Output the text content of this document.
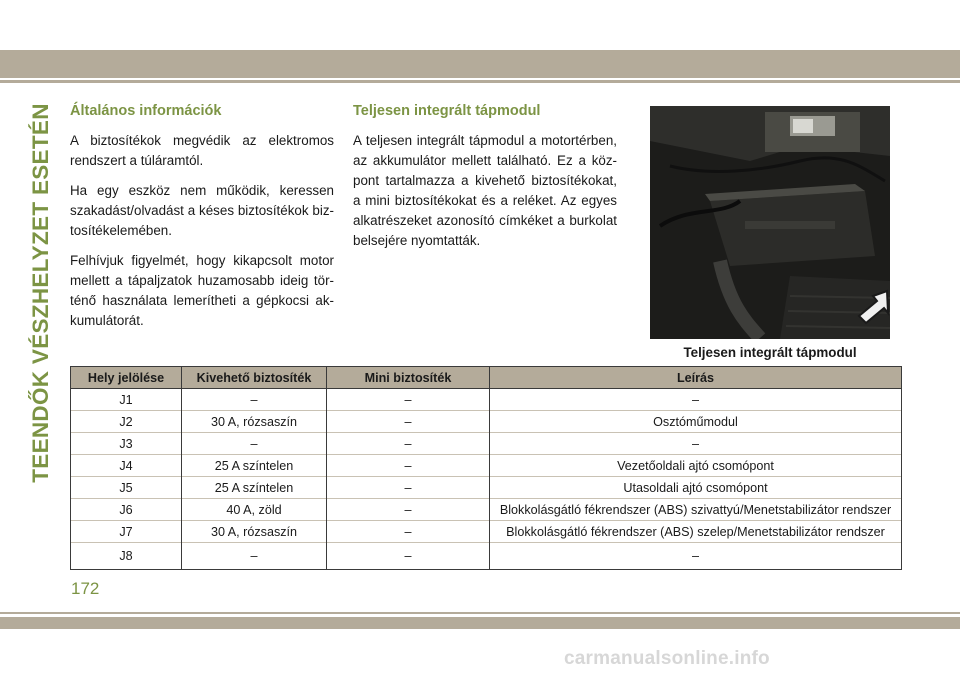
TEENDŐK VÉSZHELYZET ESETÉN Általános információk

A biztosítékok megvédik az elektromos rendszert a túláramtól.

Ha egy eszköz nem működik, keressen szakadást/olvadást a késes biztosítékok biz-tosítékelemében.

Felhívjuk figyelmét, hogy kikapcsolt motor mellett a tápaljzatok huzamosabb ideig tör-ténő használata lemerítheti a gépkocsi ak-kumulátorát.

Teljesen integrált tápmodul

A teljesen integrált tápmodul a motortérben, az akkumulátor mellett található. Ez a köz-pont tartalmazza a kivehető biztosítékokat, a mini biztosítékokat és a reléket. Az egyes alkatrészeket azonosító címkéket a burkolat belsejére nyomtatták.

Teljesen integrált tápmodul
Hely jelölése	Kivehető biztosíték	Mini biztosíték	Leírás
J1	–	–	–
J2	30 A, rózsaszín	–	Osztóműmodul
J3	–	–	–
J4	25 A színtelen	–	Vezetőoldali ajtó csomópont
J5	25 A színtelen	–	Utasoldali ajtó csomópont
J6	40 A, zöld	–	Blokkolásgátló fékrendszer (ABS) szivattyú/Menetstabilizátor rendszer
J7	30 A, rózsaszín	–	Blokkolásgátló fékrendszer (ABS) szelep/Menetstabilizátor rendszer
J8	–	–	–
172
carmanualsonline.info
